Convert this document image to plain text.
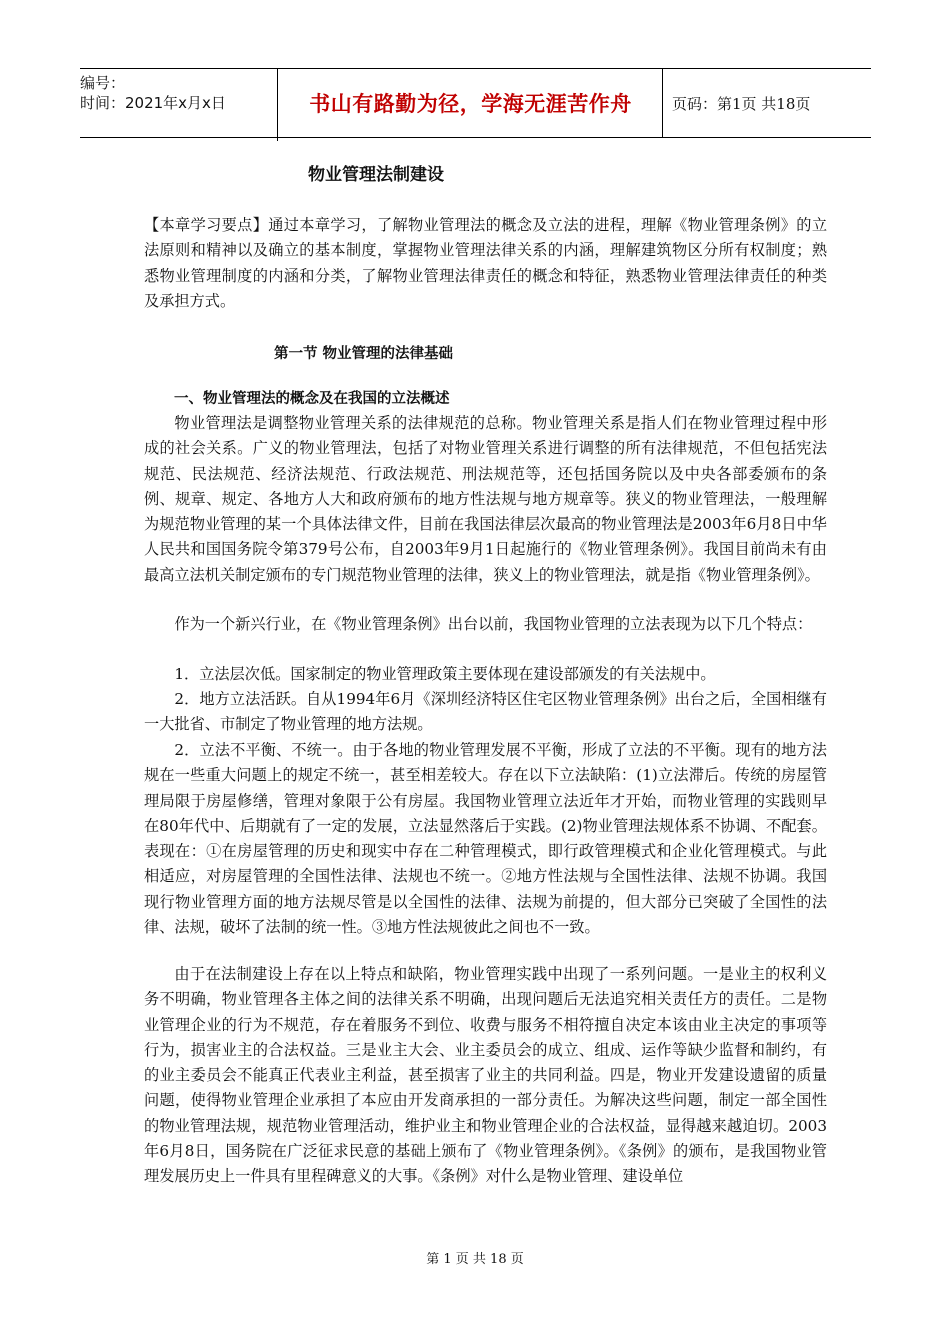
编号：
时间：2021年x月x日	书山有路勤为径，学海无涯苦作舟	页码：第1页 共18页
物业管理法制建设

【本章学习要点】通过本章学习，了解物业管理法的概念及立法的进程，理解《物业管理条例》的立法原则和精神以及确立的基本制度，掌握物业管理法律关系的内涵，理解建筑物区分所有权制度；熟悉物业管理制度的内涵和分类，了解物业管理法律责任的概念和特征，熟悉物业管理法律责任的种类及承担方式。

第一节 物业管理的法律基础
一、物业管理法的概念及在我国的立法概述

物业管理法是调整物业管理关系的法律规范的总称。物业管理关系是指人们在物业管理过程中形成的社会关系。广义的物业管理法，包括了对物业管理关系进行调整的所有法律规范，不但包括宪法规范、民法规范、经济法规范、行政法规范、刑法规范等，还包括国务院以及中央各部委颁布的条例、规章、规定、各地方人大和政府颁布的地方性法规与地方规章等。狭义的物业管理法，一般理解为规范物业管理的某一个具体法律文件，目前在我国法律层次最高的物业管理法是2003年6月8日中华人民共和国国务院令第379号公布，自2003年9月1日起施行的《物业管理条例》。我国目前尚未有由最高立法机关制定颁布的专门规范物业管理的法律，狭义上的物业管理法，就是指《物业管理条例》。

作为一个新兴行业，在《物业管理条例》出台以前，我国物业管理的立法表现为以下几个特点：

1．立法层次低。国家制定的物业管理政策主要体现在建设部颁发的有关法规中。

2．地方立法活跃。自从1994年6月《深圳经济特区住宅区物业管理条例》出台之后，全国相继有一大批省、市制定了物业管理的地方法规。

2．立法不平衡、不统一。由于各地的物业管理发展不平衡，形成了立法的不平衡。现有的地方法规在一些重大问题上的规定不统一，甚至相差较大。存在以下立法缺陷：(1)立法滞后。传统的房屋管理局限于房屋修缮，管理对象限于公有房屋。我国物业管理立法近年才开始，而物业管理的实践则早在80年代中、后期就有了一定的发展，立法显然落后于实践。(2)物业管理法规体系不协调、不配套。表现在：①在房屋管理的历史和现实中存在二种管理模式，即行政管理模式和企业化管理模式。与此相适应，对房屋管理的全国性法律、法规也不统一。②地方性法规与全国性法律、法规不协调。我国现行物业管理方面的地方法规尽管是以全国性的法律、法规为前提的，但大部分已突破了全国性的法律、法规，破坏了法制的统一性。③地方性法规彼此之间也不一致。

由于在法制建设上存在以上特点和缺陷，物业管理实践中出现了一系列问题。一是业主的权利义务不明确，物业管理各主体之间的法律关系不明确，出现问题后无法追究相关责任方的责任。二是物业管理企业的行为不规范，存在着服务不到位、收费与服务不相符擅自决定本该由业主决定的事项等行为，损害业主的合法权益。三是业主大会、业主委员会的成立、组成、运作等缺少监督和制约，有的业主委员会不能真正代表业主利益，甚至损害了业主的共同利益。四是，物业开发建设遗留的质量问题，使得物业管理企业承担了本应由开发商承担的一部分责任。为解决这些问题，制定一部全国性的物业管理法规，规范物业管理活动，维护业主和物业管理企业的合法权益，显得越来越迫切。2003年6月8日，国务院在广泛征求民意的基础上颁布了《物业管理条例》。《条例》的颁布，是我国物业管理发展历史上一件具有里程碑意义的大事。《条例》对什么是物业管理、建设单位

第 1 页 共 18 页
